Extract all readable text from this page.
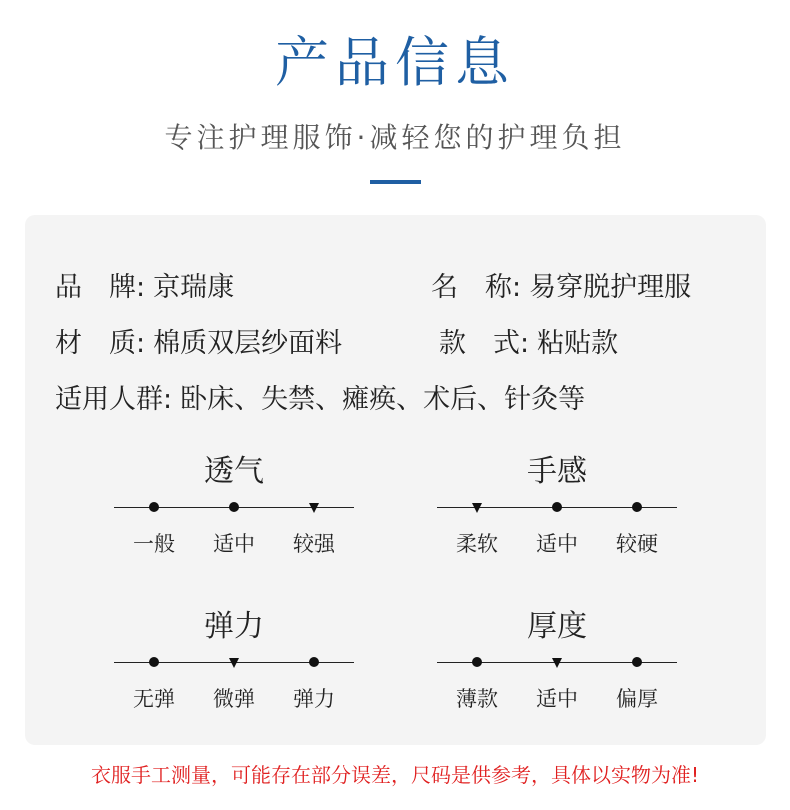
产品信息
专注护理服饰·减轻您的护理负担
品　牌: 京瑞康	名　称: 易穿脱护理服
材　质: 棉质双层纱面料	款　式: 粘贴款
适用人群: 卧床、失禁、瘫痪、术后、针灸等
透气
一般	适中	较强
手感
柔软	适中	较硬
弹力
无弹	微弹	弹力
厚度
薄款	适中	偏厚
衣服手工测量，可能存在部分误差，尺码是供参考，具体以实物为准!
